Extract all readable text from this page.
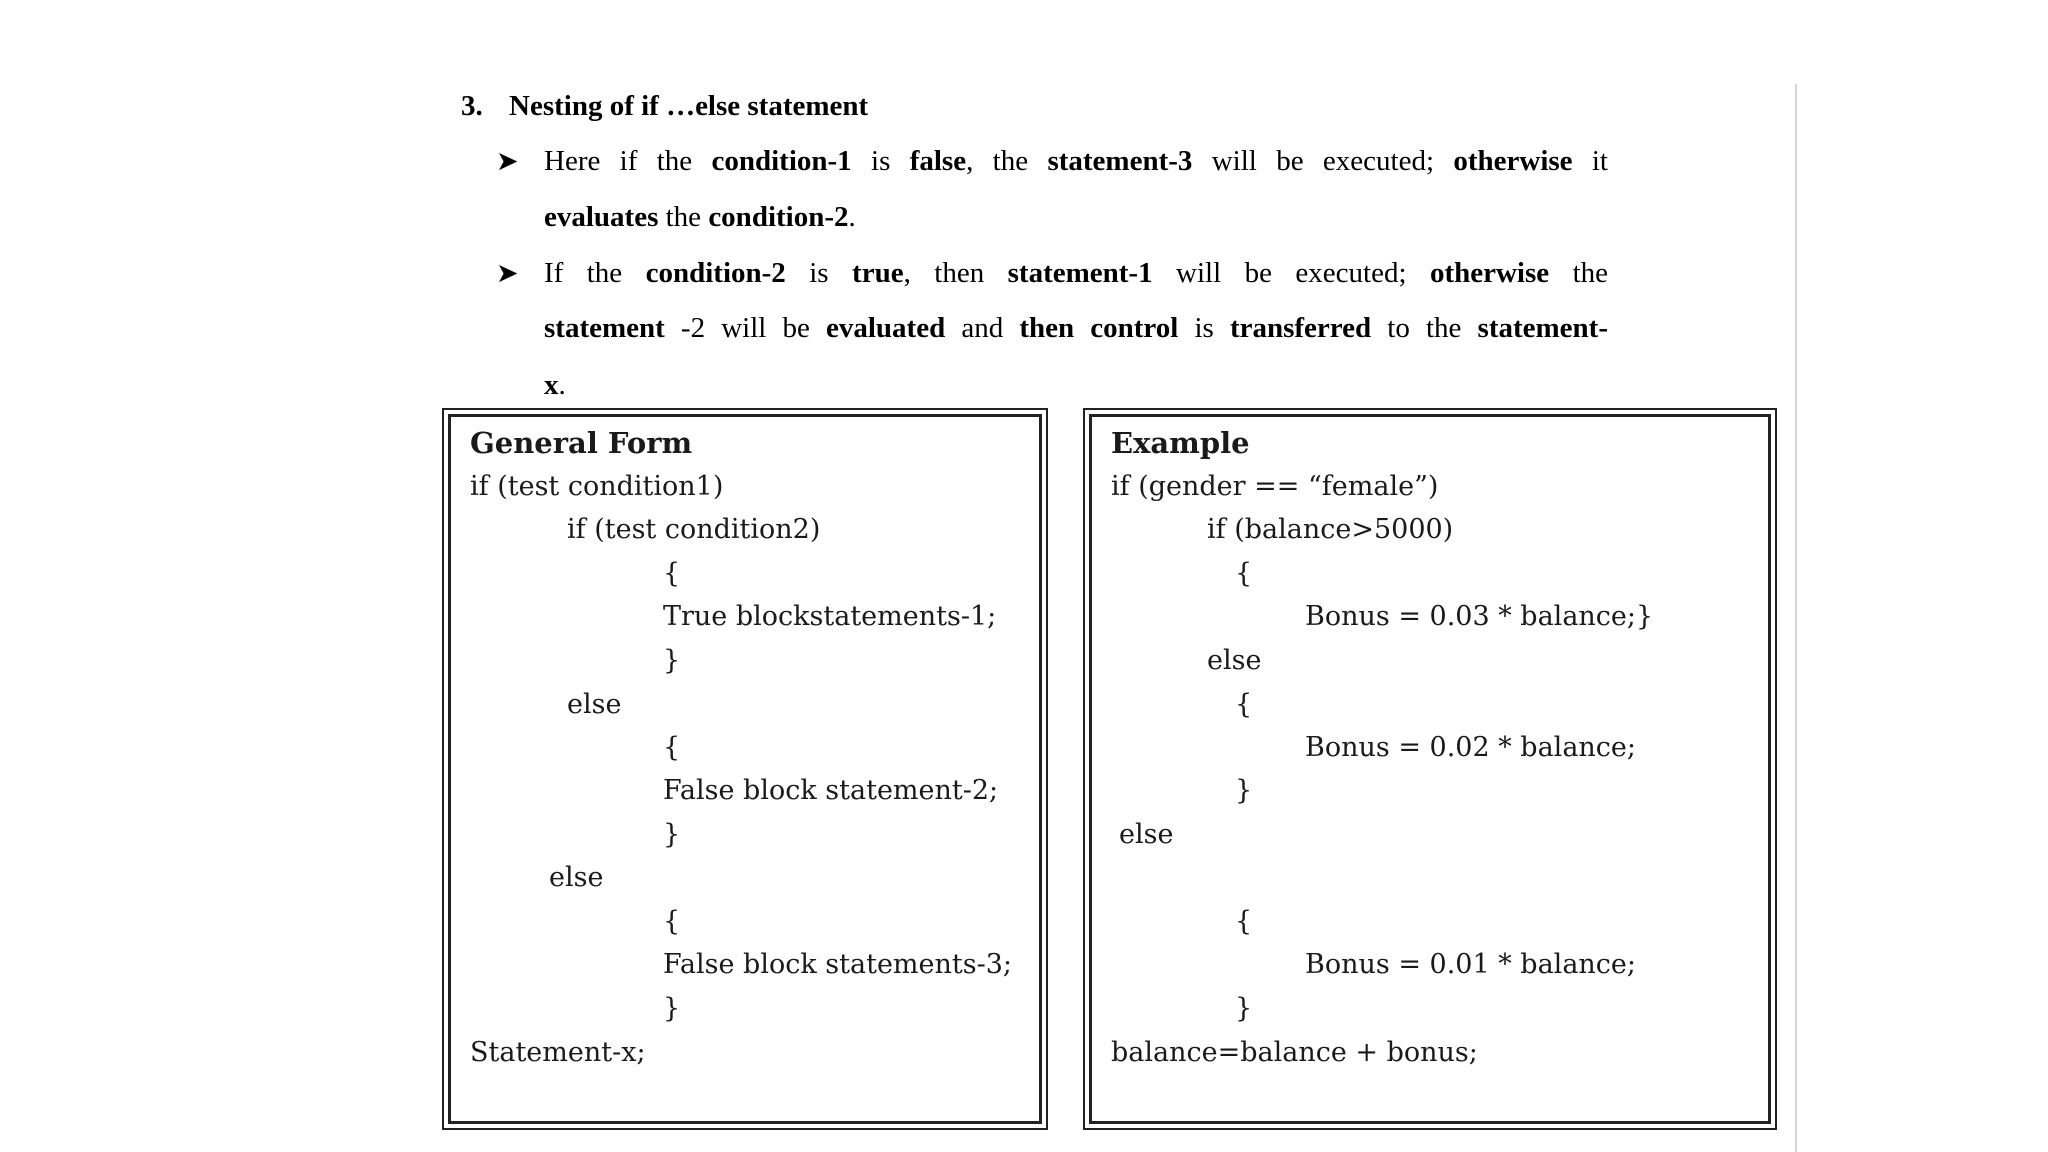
3. Nesting of if …else statement
➤ Here if the condition-1 is false, the statement-3 will be executed; otherwise it
evaluates the condition-2.
➤ If the condition-2 is true, then statement-1 will be executed; otherwise the
statement -2 will be evaluated and then control is transferred to the statement-
x.
General Form
if (test condition1)
if (test condition2)
{
True blockstatements-1;
}
else
{
False block statement-2;
}
else
{
False block statements-3;
}
Statement-x;
Example
if (gender == “female”)
if (balance>5000)
{
Bonus = 0.03 * balance;}
else
{
Bonus = 0.02 * balance;
}
else
{
Bonus = 0.01 * balance;
}
balance=balance + bonus;
